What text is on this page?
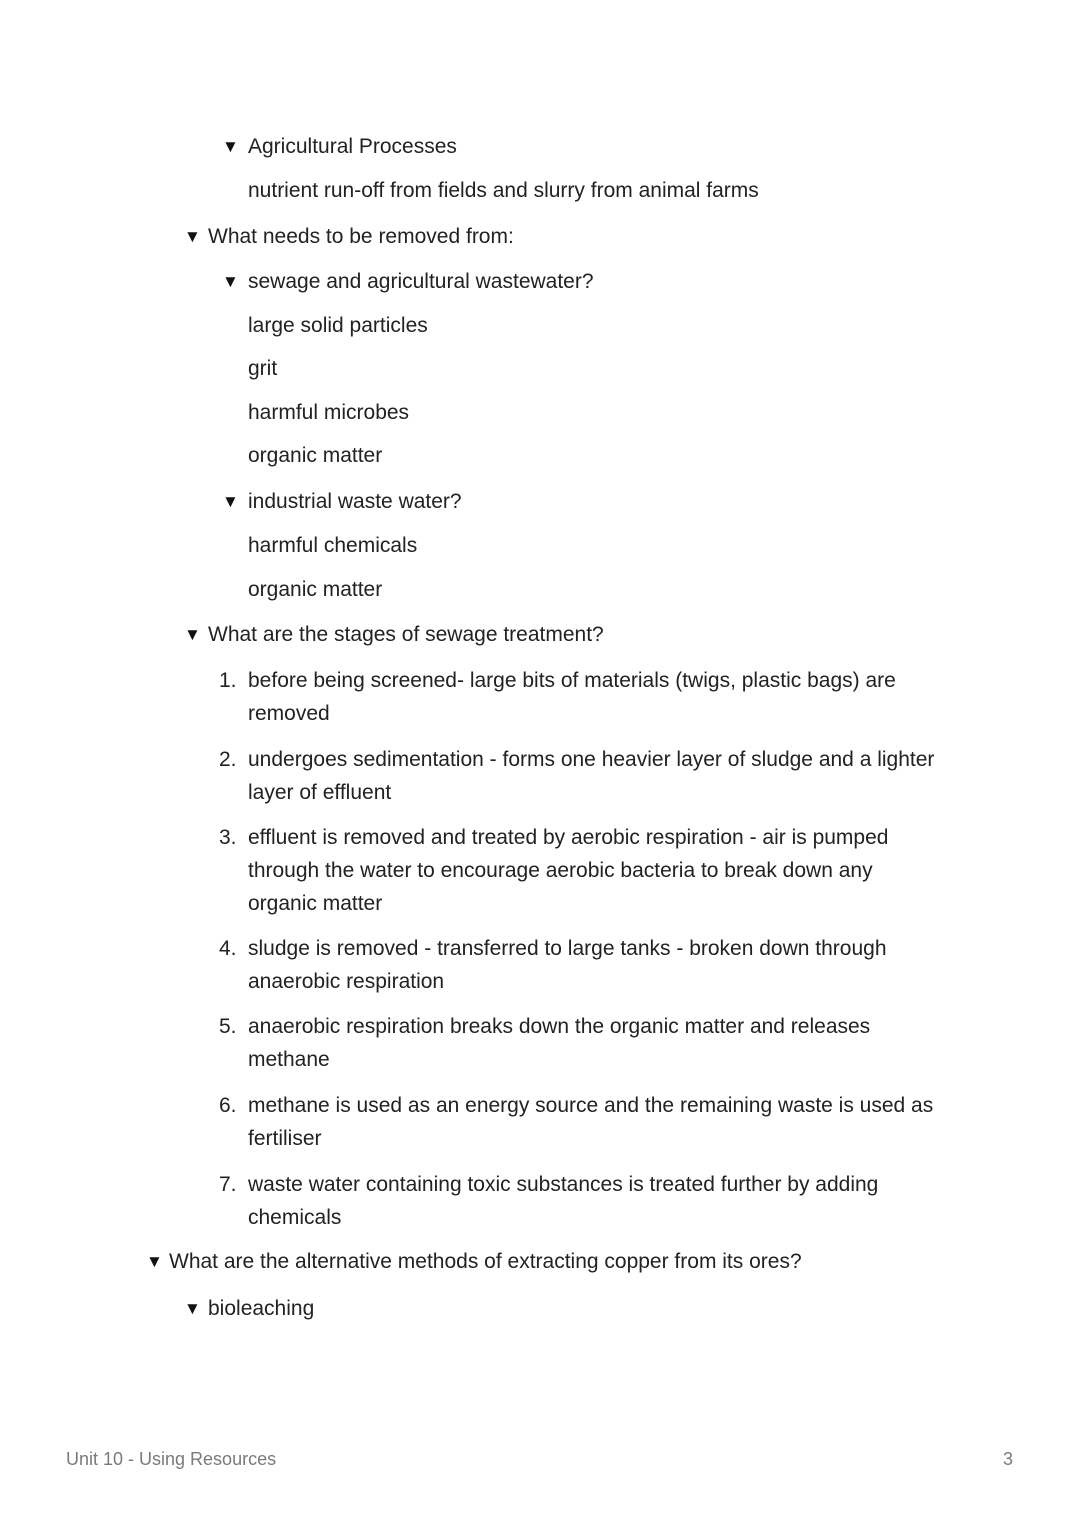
▼ Agricultural Processes
nutrient run-off from fields and slurry from animal farms
▼ What needs to be removed from:
▼ sewage and agricultural wastewater?
large solid particles
grit
harmful microbes
organic matter
▼ industrial waste water?
harmful chemicals
organic matter
▼ What are the stages of sewage treatment?
1. before being screened- large bits of materials (twigs, plastic bags) are removed
2. undergoes sedimentation - forms one heavier layer of sludge and a lighter layer of effluent
3. effluent is removed and treated by aerobic respiration - air is pumped through the water to encourage aerobic bacteria to break down any organic matter
4. sludge is removed - transferred to large tanks - broken down through anaerobic respiration
5. anaerobic respiration breaks down the organic matter and releases methane
6. methane is used as an energy source and the remaining waste is used as fertiliser
7. waste water containing toxic substances is treated further by adding chemicals
▼ What are the alternative methods of extracting copper from its ores?
▼ bioleaching
Unit 10 - Using Resources	3
